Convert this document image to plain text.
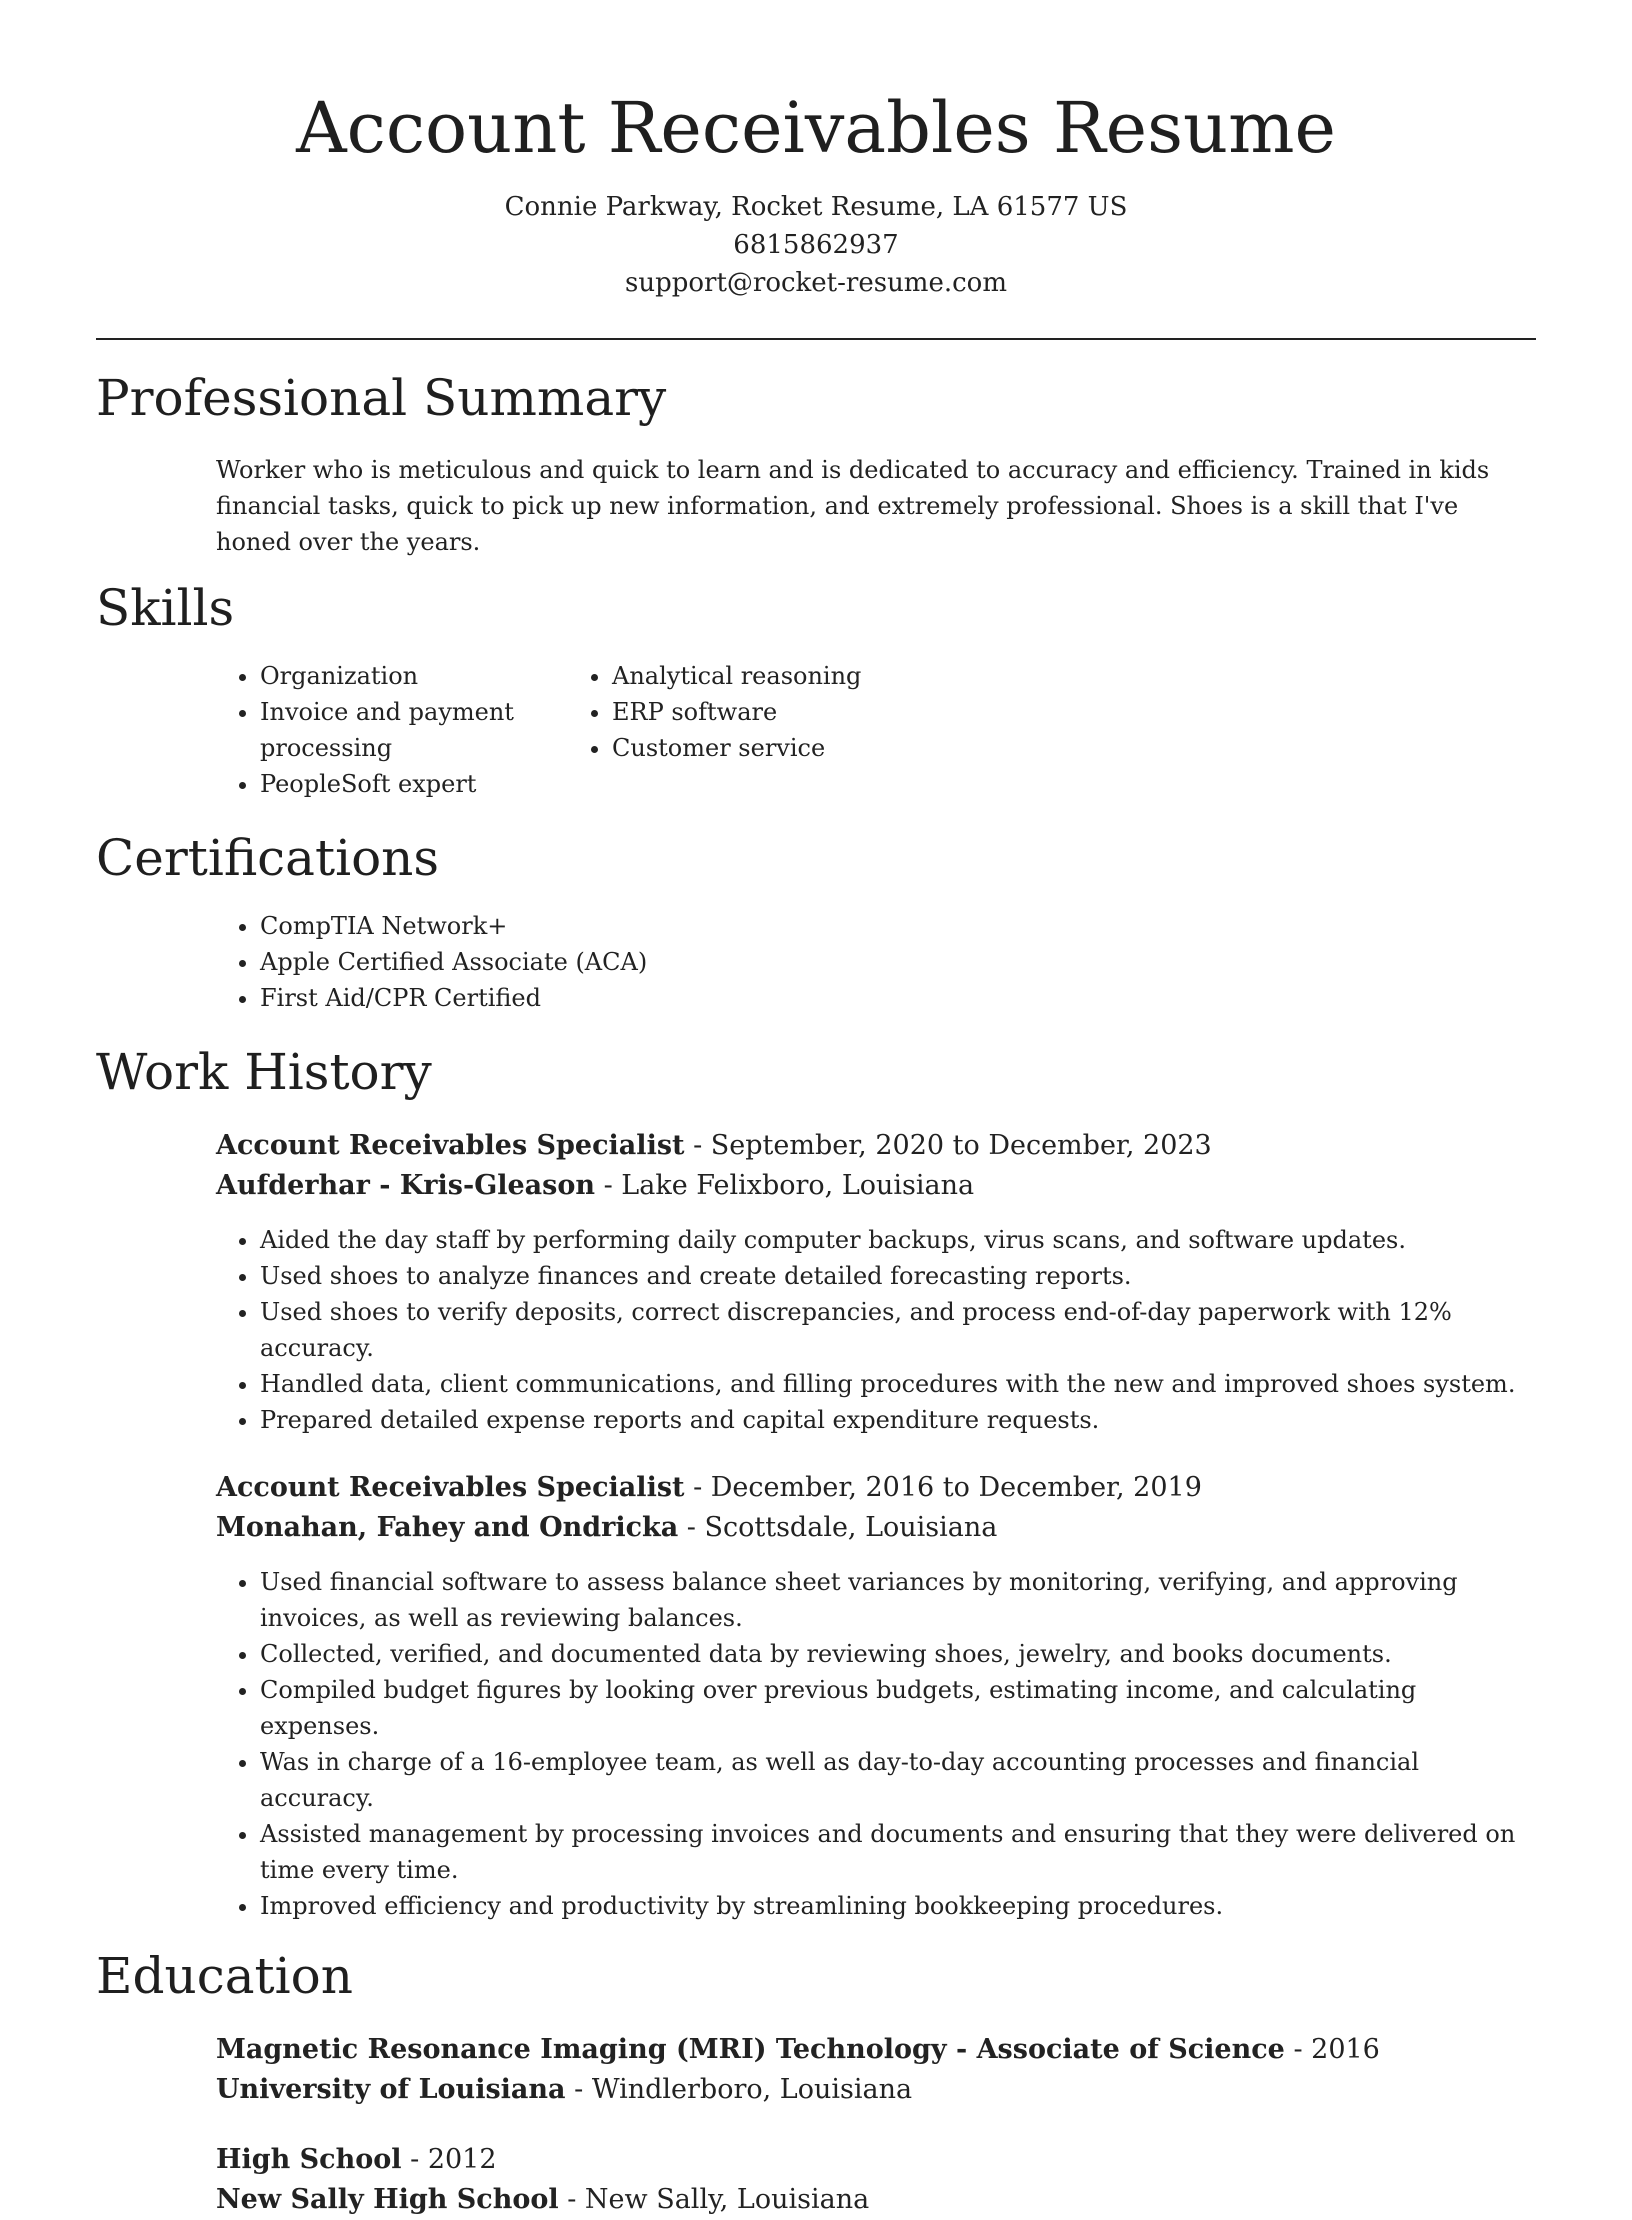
Account Receivables Resume
Connie Parkway, Rocket Resume, LA 61577 US
6815862937
support@rocket-resume.com
Professional Summary

Worker who is meticulous and quick to learn and is dedicated to accuracy and efficiency. Trained in kids financial tasks, quick to pick up new information, and extremely professional. Shoes is a skill that I've honed over the years.

Skills
• Organization
• Invoice and payment processing
• PeopleSoft expert
• Analytical reasoning
• ERP software
• Customer service
Certifications
• CompTIA Network+
• Apple Certified Associate (ACA)
• First Aid/CPR Certified
Work History
Account Receivables Specialist - September, 2020 to December, 2023
Aufderhar - Kris-Gleason - Lake Felixboro, Louisiana
• Aided the day staff by performing daily computer backups, virus scans, and software updates.
• Used shoes to analyze finances and create detailed forecasting reports.
• Used shoes to verify deposits, correct discrepancies, and process end-of-day paperwork with 12% accuracy.
• Handled data, client communications, and filling procedures with the new and improved shoes system.
• Prepared detailed expense reports and capital expenditure requests.
Account Receivables Specialist - December, 2016 to December, 2019
Monahan, Fahey and Ondricka - Scottsdale, Louisiana
• Used financial software to assess balance sheet variances by monitoring, verifying, and approving invoices, as well as reviewing balances.
• Collected, verified, and documented data by reviewing shoes, jewelry, and books documents.
• Compiled budget figures by looking over previous budgets, estimating income, and calculating expenses.
• Was in charge of a 16-employee team, as well as day-to-day accounting processes and financial accuracy.
• Assisted management by processing invoices and documents and ensuring that they were delivered on time every time.
• Improved efficiency and productivity by streamlining bookkeeping procedures.
Education
Magnetic Resonance Imaging (MRI) Technology - Associate of Science - 2016
University of Louisiana - Windlerboro, Louisiana
High School - 2012
New Sally High School - New Sally, Louisiana
